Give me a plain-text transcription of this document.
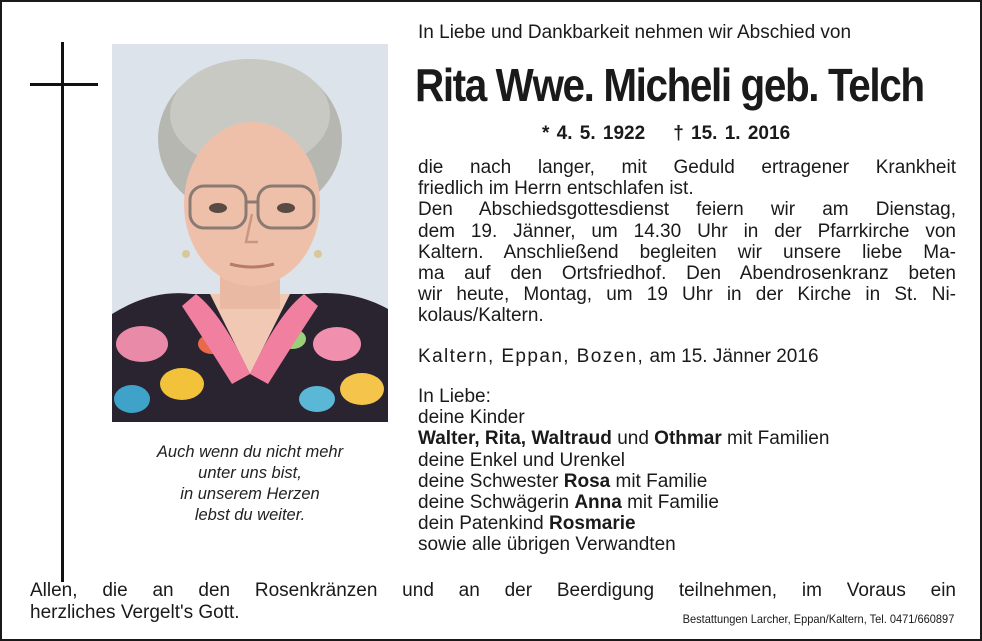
Auch wenn du nicht mehr
unter uns bist,
in unserem Herzen
lebst du weiter.
In Liebe und Dankbarkeit nehmen wir Abschied von
Rita Wwe. Micheli geb. Telch
* 4. 5. 1922 † 15. 1. 2016
die nach langer, mit Geduld ertragener Krankheit
friedlich im Herrn entschlafen ist.
Den Abschiedsgottesdienst feiern wir am Dienstag,
dem 19. Jänner, um 14.30 Uhr in der Pfarrkirche von
Kaltern. Anschließend begleiten wir unsere liebe Ma-
ma auf den Ortsfriedhof. Den Abendrosenkranz beten
wir heute, Montag, um 19 Uhr in der Kirche in St. Ni-
kolaus/Kaltern.
Kaltern, Eppan, Bozen, am 15. Jänner 2016
In Liebe:
deine Kinder
Walter, Rita, Waltraud und Othmar mit Familien
deine Enkel und Urenkel
deine Schwester Rosa mit Familie
deine Schwägerin Anna mit Familie
dein Patenkind Rosmarie
sowie alle übrigen Verwandten
Allen, die an den Rosenkränzen und an der Beerdigung teilnehmen, im Voraus ein
herzliches Vergelt's Gott.	Bestattungen Larcher, Eppan/Kaltern, Tel. 0471/660897
